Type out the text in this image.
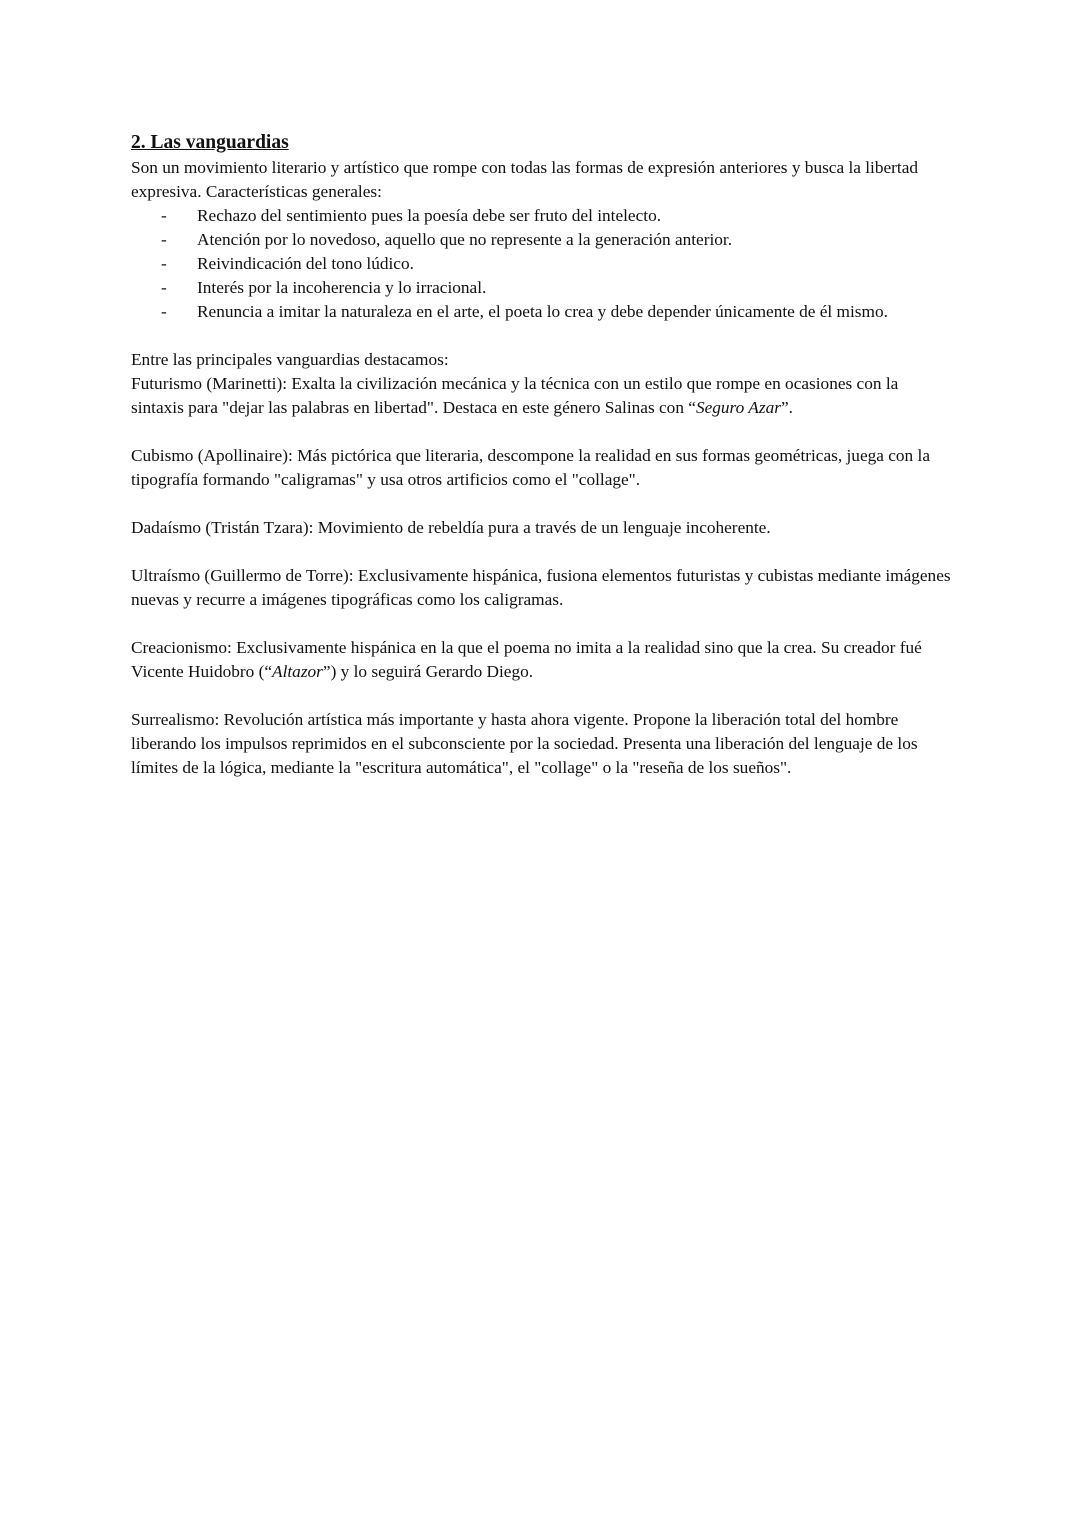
2. Las vanguardias

Son un movimiento literario y artístico que rompe con todas las formas de expresión anteriores y busca la libertad expresiva. Características generales:

- Rechazo del sentimiento pues la poesía debe ser fruto del intelecto.
- Atención por lo novedoso, aquello que no represente a la generación anterior.
- Reivindicación del tono lúdico.
- Interés por la incoherencia y lo irracional.
- Renuncia a imitar la naturaleza en el arte, el poeta lo crea y debe depender únicamente de él mismo.

Entre las principales vanguardias destacamos:

Futurismo (Marinetti): Exalta la civilización mecánica y la técnica con un estilo que rompe en ocasiones con la sintaxis para "dejar las palabras en libertad". Destaca en este género Salinas con “Seguro Azar”.

Cubismo (Apollinaire): Más pictórica que literaria, descompone la realidad en sus formas geométricas, juega con la tipografía formando "caligramas" y usa otros artificios como el "collage".

Dadaísmo (Tristán Tzara): Movimiento de rebeldía pura a través de un lenguaje incoherente.

Ultraísmo (Guillermo de Torre): Exclusivamente hispánica, fusiona elementos futuristas y cubistas mediante imágenes nuevas y recurre a imágenes tipográficas como los caligramas.

Creacionismo: Exclusivamente hispánica en la que el poema no imita a la realidad sino que la crea. Su creador fué Vicente Huidobro (“Altazor”) y lo seguirá Gerardo Diego.

Surrealismo: Revolución artística más importante y hasta ahora vigente. Propone la liberación total del hombre liberando los impulsos reprimidos en el subconsciente por la sociedad. Presenta una liberación del lenguaje de los límites de la lógica, mediante la "escritura automática", el "collage" o la "reseña de los sueños".
